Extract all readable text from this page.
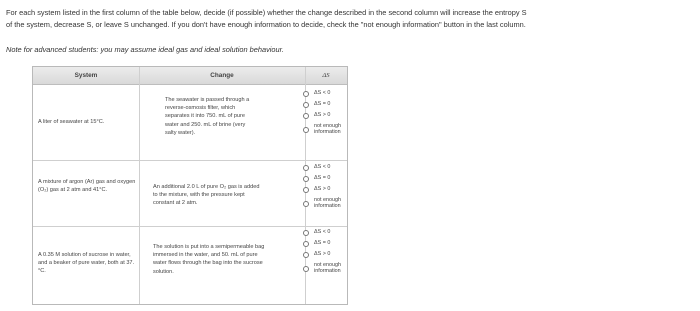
For each system listed in the first column of the table below, decide (if possible) whether the change described in the second column will increase the entropy S
of the system, decrease S, or leave S unchanged. If you don't have enough information to decide, check the "not enough information" button in the last column.
Note for advanced students: you may assume ideal gas and ideal solution behaviour.
System	Change	ΔS
A liter of seawater at 15°C.
The seawater is passed through a reverse-osmosis filter, which separates it into 750. mL of pure water and 250. mL of brine (very salty water).
ΔS < 0
ΔS = 0
ΔS > 0
not enough information
A mixture of argon (Ar) gas and oxygen (O₂) gas at 2 atm and 41°C.
An additional 2.0 L of pure O₂ gas is added to the mixture, with the pressure kept constant at 2 atm.
ΔS < 0
ΔS = 0
ΔS > 0
not enough information
A 0.35 M solution of sucrose in water, and a beaker of pure water, both at 37.°C.
The solution is put into a semipermeable bag immersed in the water, and 50. mL of pure water flows through the bag into the sucrose solution.
ΔS < 0
ΔS = 0
ΔS > 0
not enough information
